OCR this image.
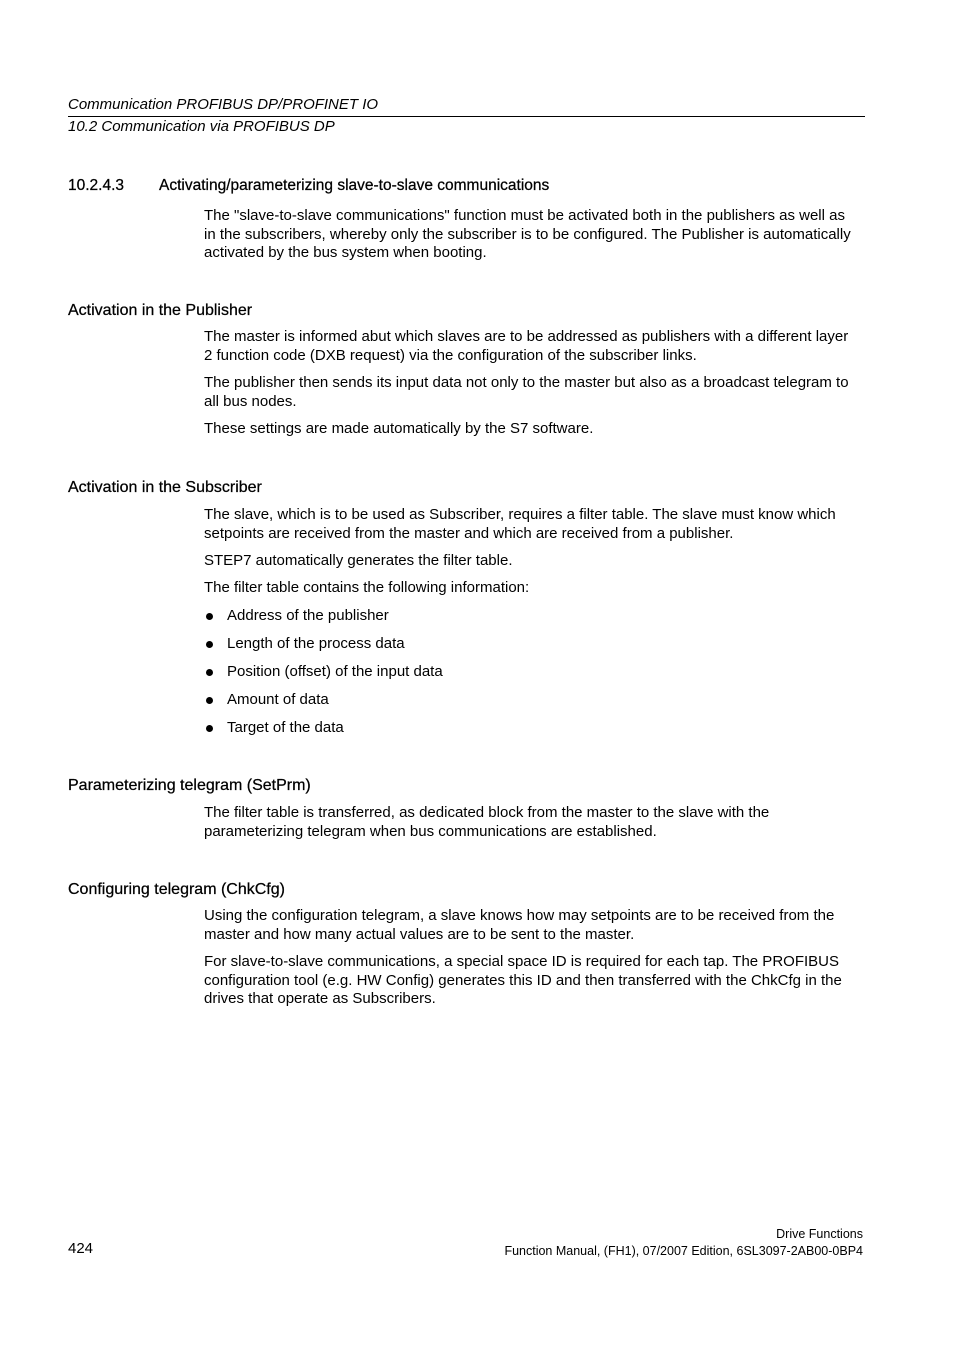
Communication PROFIBUS DP/PROFINET IO
10.2 Communication via PROFIBUS DP
10.2.4.3 Activating/parameterizing slave-to-slave communications
The "slave-to-slave communications" function must be activated both in the publishers as well as in the subscribers, whereby only the subscriber is to be configured. The Publisher is automatically activated by the bus system when booting.
Activation in the Publisher
The master is informed abut which slaves are to be addressed as publishers with a different layer 2 function code (DXB request) via the configuration of the subscriber links.
The publisher then sends its input data not only to the master but also as a broadcast telegram to all bus nodes.
These settings are made automatically by the S7 software.
Activation in the Subscriber
The slave, which is to be used as Subscriber, requires a filter table. The slave must know which setpoints are received from the master and which are received from a publisher.
STEP7 automatically generates the filter table.
The filter table contains the following information:
Address of the publisher
Length of the process data
Position (offset) of the input data
Amount of data
Target of the data
Parameterizing telegram (SetPrm)
The filter table is transferred, as dedicated block from the master to the slave with the parameterizing telegram when bus communications are established.
Configuring telegram (ChkCfg)
Using the configuration telegram, a slave knows how may setpoints are to be received from the master and how many actual values are to be sent to the master.
For slave-to-slave communications, a special space ID is required for each tap. The PROFIBUS configuration tool (e.g. HW Config) generates this ID and then transferred with the ChkCfg in the drives that operate as Subscribers.
424
Drive Functions
Function Manual, (FH1), 07/2007 Edition, 6SL3097-2AB00-0BP4
